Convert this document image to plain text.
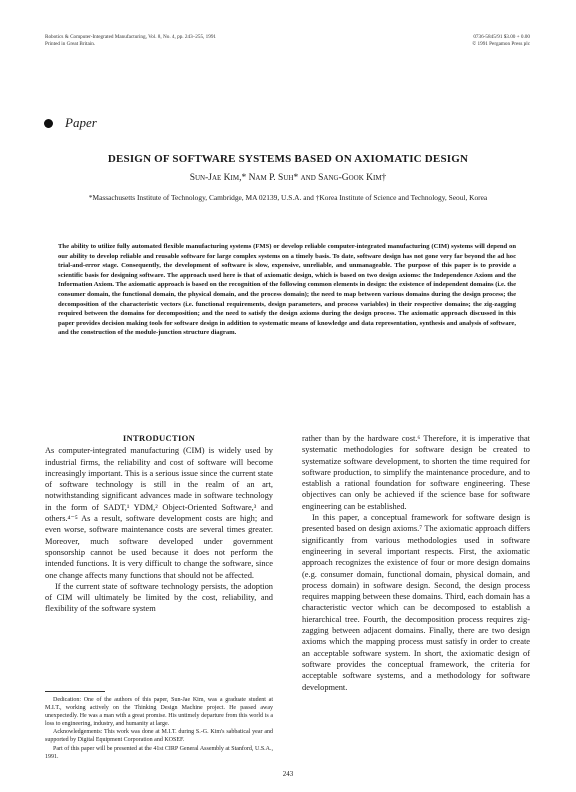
Robotics & Computer-Integrated Manufacturing, Vol. 8, No. 4, pp. 243–255, 1991
Printed in Great Britain.
0736-5845/91 $3.00 + 0.00
© 1991 Pergamon Press plc
Paper
DESIGN OF SOFTWARE SYSTEMS BASED ON AXIOMATIC DESIGN
Sun-Jae Kim,* Nam P. Suh* and Sang-Gook Kim†
*Massachusetts Institute of Technology, Cambridge, MA 02139, U.S.A. and †Korea Institute of Science and Technology, Seoul, Korea
The ability to utilize fully automated flexible manufacturing systems (FMS) or develop reliable computer-integrated manufacturing (CIM) systems will depend on our ability to develop reliable and reusable software for large complex systems on a timely basis. To date, software design has not gone very far beyond the ad hoc trial-and-error stage. Consequently, the development of software is slow, expensive, unreliable, and unmanageable. The purpose of this paper is to provide a scientific basis for designing software. The approach used here is that of axiomatic design, which is based on two design axioms: the Independence Axiom and the Information Axiom. The axiomatic approach is based on the recognition of the following common elements in design: the existence of independent domains (i.e. the consumer domain, the functional domain, the physical domain, and the process domain); the need to map between various domains during the design process; the decomposition of the characteristic vectors (i.e. functional requirements, design parameters, and process variables) in their respective domains; the zig-zagging required between the domains for decomposition; and the need to satisfy the design axioms during the design process. The axiomatic approach discussed in this paper provides decision making tools for software design in addition to systematic means of knowledge and data representation, synthesis and analysis of software, and the construction of the module-junction structure diagram.
INTRODUCTION

As computer-integrated manufacturing (CIM) is widely used by industrial firms, the reliability and cost of software will become increasingly important. This is a serious issue since the current state of software technology is still in the realm of an art, notwithstanding significant advances made in software technology in the form of SADT,¹ YDM,² Object-Oriented Software,³ and others.⁴⁻⁵ As a result, software development costs are high; and even worse, software maintenance costs are several times greater. Moreover, much software developed under government sponsorship cannot be used because it does not perform the intended functions. It is very difficult to change the software, since one change affects many functions that should not be affected.

If the current state of software technology persists, the adoption of CIM will ultimately be limited by the cost, reliability, and flexibility of the software system

rather than by the hardware cost.⁶ Therefore, it is imperative that systematic methodologies for software design be created to systematize software development, to shorten the time required for software production, to simplify the maintenance procedure, and to establish a rational foundation for software engineering. These objectives can only be achieved if the science base for software engineering can be established.

In this paper, a conceptual framework for software design is presented based on design axioms.⁷ The axiomatic approach differs significantly from various methodologies used in software engineering in several important respects. First, the axiomatic approach recognizes the existence of four or more design domains (e.g. consumer domain, functional domain, physical domain, and process domain) in software design. Second, the design process requires mapping between these domains. Third, each domain has a characteristic vector which can be decomposed to establish a hierarchical tree. Fourth, the decomposition process requires zig-zagging between adjacent domains. Finally, there are two design axioms which the mapping process must satisfy in order to create an acceptable software system. In short, the axiomatic design of software provides the conceptual framework, the criteria for acceptable software systems, and a methodology for software development.

Dedication: One of the authors of this paper, Sun-Jae Kim, was a graduate student at M.I.T., working actively on the Thinking Design Machine project. He passed away unexpectedly. He was a man with a great promise. His untimely departure from this world is a loss to engineering, industry, and humanity at large.

Acknowledgements: This work was done at M.I.T. during S.-G. Kim's sabbatical year and supported by Digital Equipment Corporation and KOSEF.

Part of this paper will be presented at the 41st CIRP General Assembly at Stanford, U.S.A., 1991.

243
